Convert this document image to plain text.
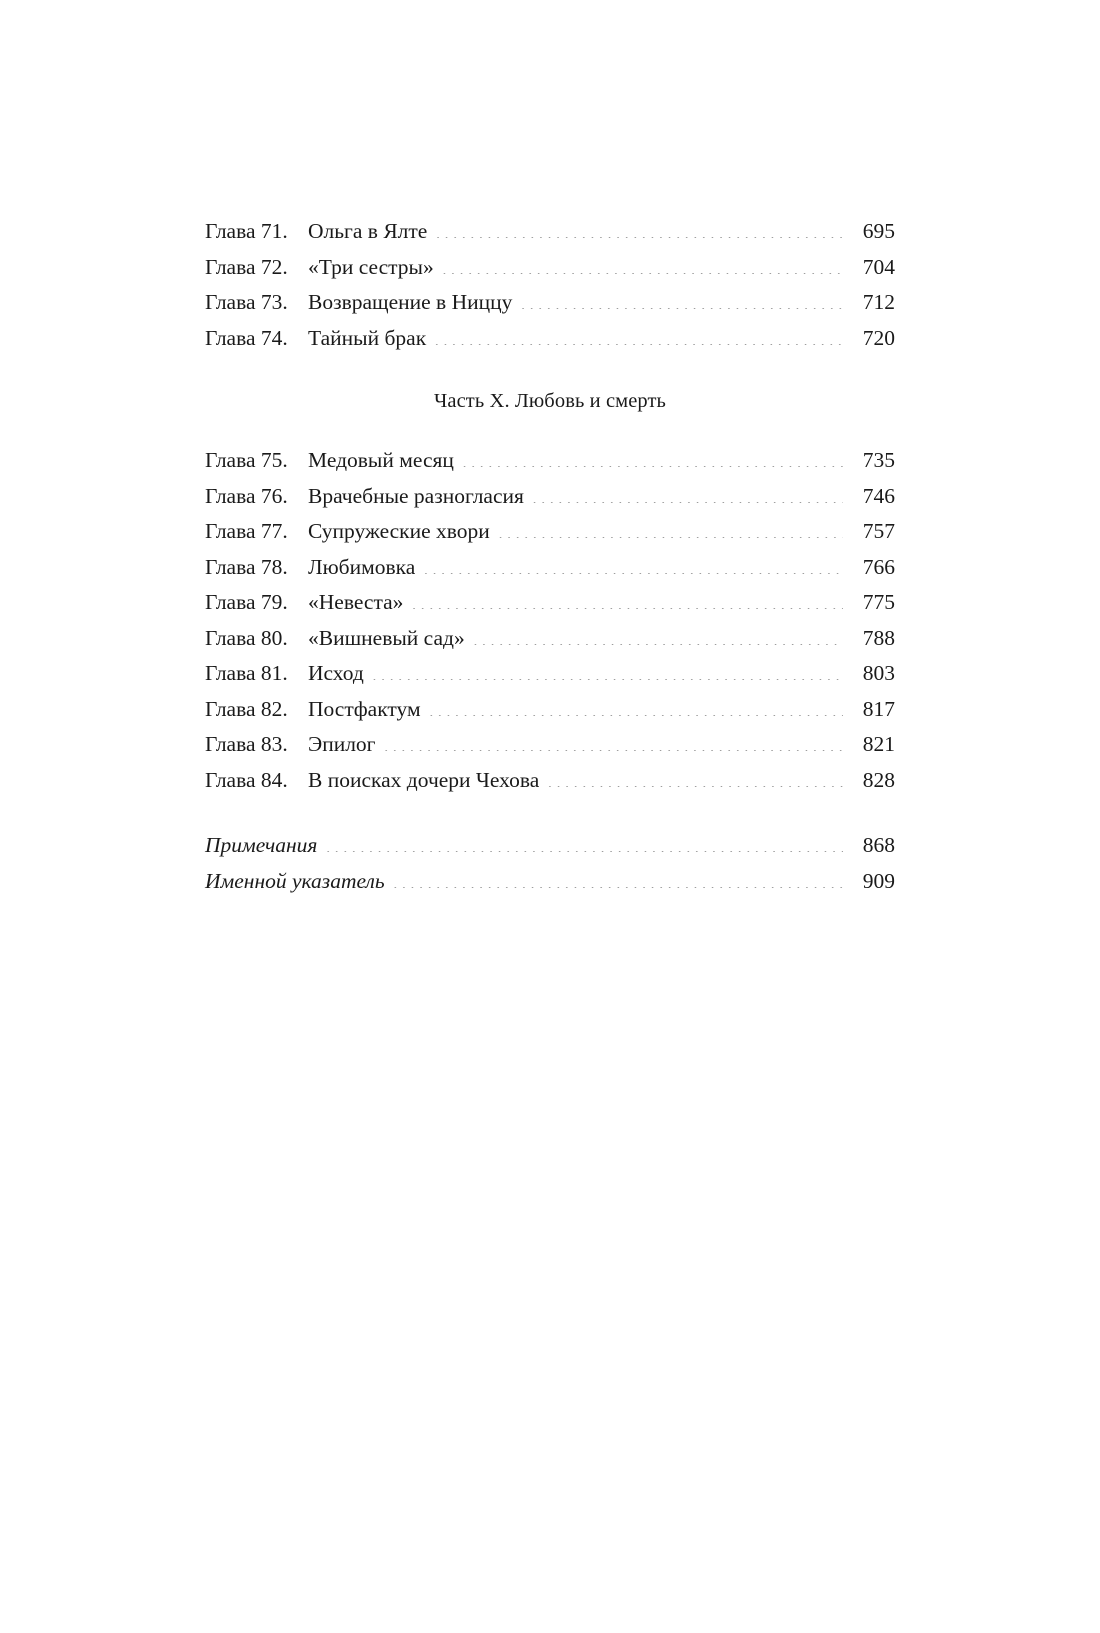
Глава 71. Ольга в Ялте .....	695
Глава 72. «Три сестры» .....	704
Глава 73. Возвращение в Ниццу .....	712
Глава 74. Тайный брак .....	720
Часть X. Любовь и смерть
Глава 75. Медовый месяц .....	735
Глава 76. Врачебные разногласия .....	746
Глава 77. Супружеские хвори .....	757
Глава 78. Любимовка .....	766
Глава 79. «Невеста» .....	775
Глава 80. «Вишневый сад» .....	788
Глава 81. Исход .....	803
Глава 82. Постфактум .....	817
Глава 83. Эпилог .....	821
Глава 84. В поисках дочери Чехова .....	828
Примечания .....	868
Именной указатель .....	909
